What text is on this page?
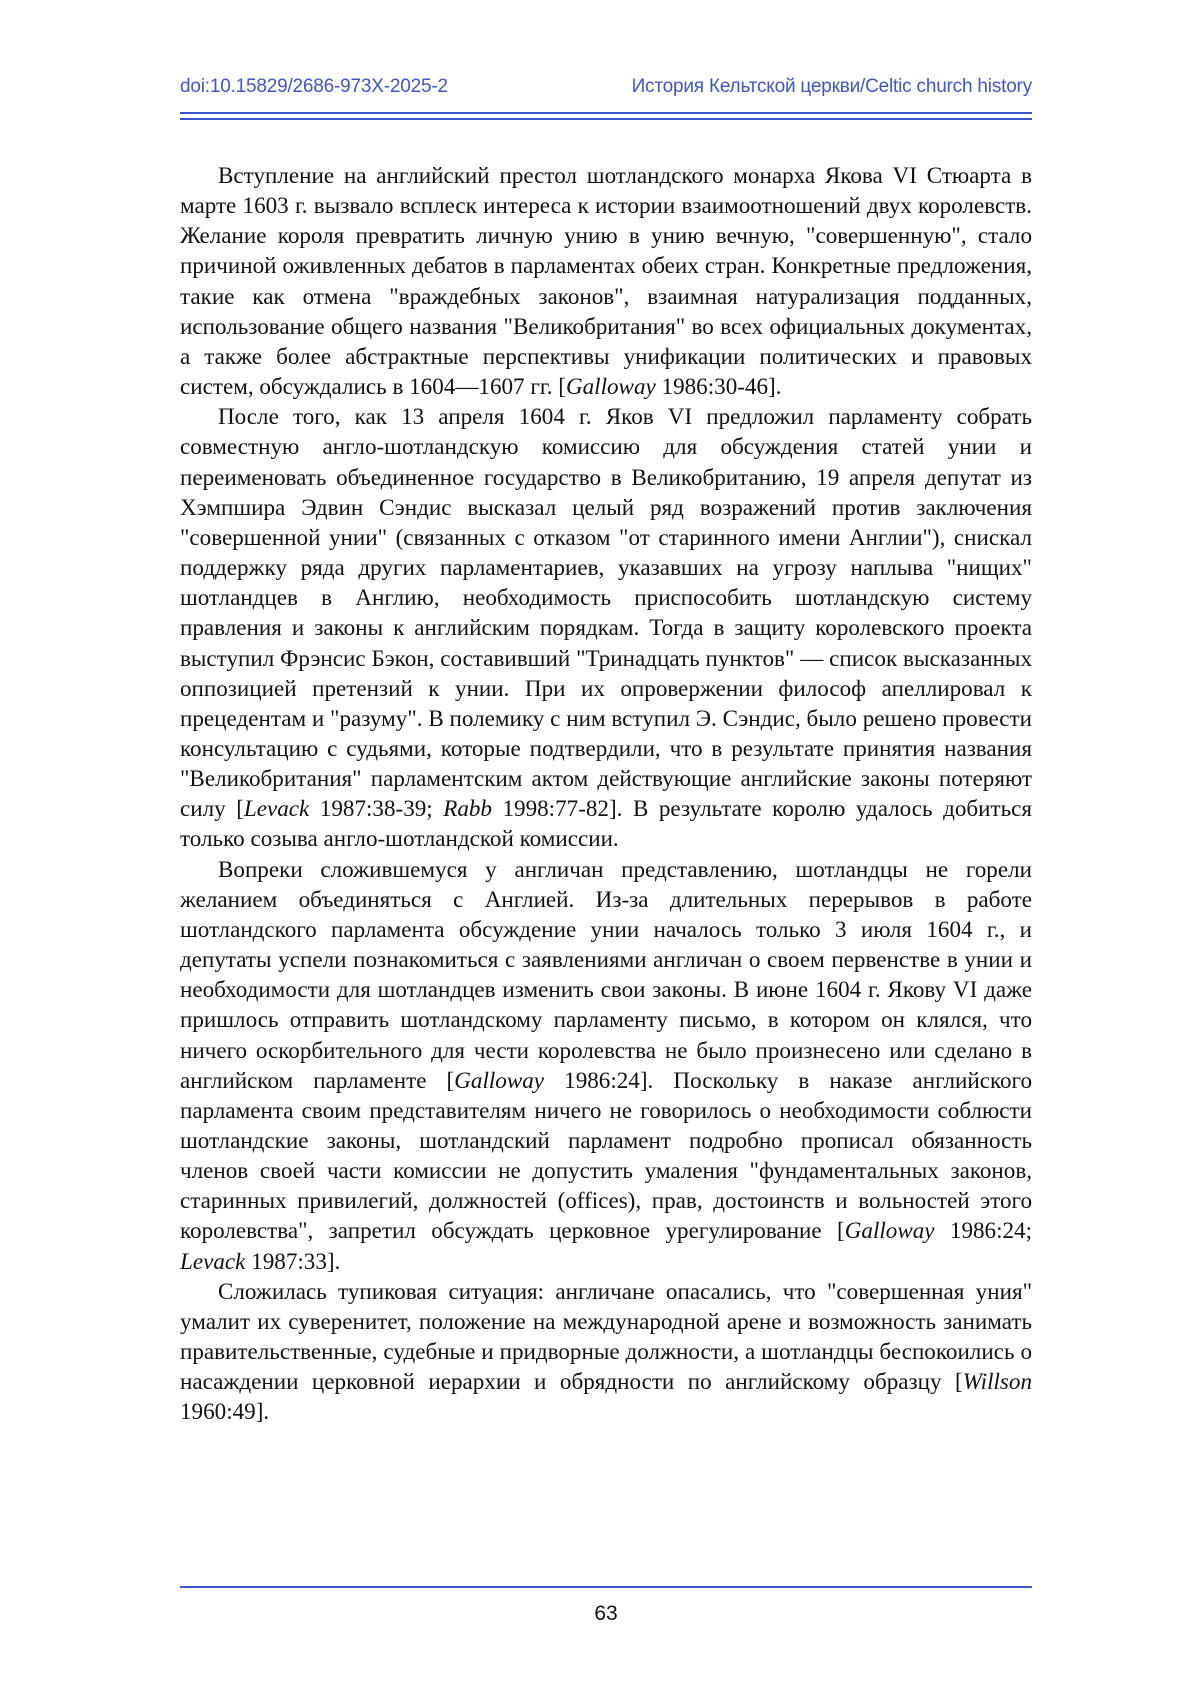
doi:10.15829/2686-973X-2025-2	История Кельтской церкви/Celtic church history

Вступление на английский престол шотландского монарха Якова VI Стюарта в марте 1603 г. вызвало всплеск интереса к истории взаимоотношений двух королевств. Желание короля превратить личную унию в унию вечную, "совершенную", стало причиной оживленных дебатов в парламентах обеих стран. Конкретные предложения, такие как отмена "враждебных законов", взаимная натурализация подданных, использование общего названия "Великобритания" во всех официальных документах, а также более абстрактные перспективы унификации политических и правовых систем, обсуждались в 1604—1607 гг. [Galloway 1986:30-46].

После того, как 13 апреля 1604 г. Яков VI предложил парламенту собрать совместную англо-шотландскую комиссию для обсуждения статей унии и переименовать объединенное государство в Великобританию, 19 апреля депутат из Хэмпшира Эдвин Сэндис высказал целый ряд возражений против заключения "совершенной унии" (связанных с отказом "от старинного имени Англии"), снискал поддержку ряда других парламентариев, указавших на угрозу наплыва "нищих" шотландцев в Англию, необходимость приспособить шотландскую систему правления и законы к английским порядкам. Тогда в защиту королевского проекта выступил Фрэнсис Бэкон, составивший "Тринадцать пунктов" — список высказанных оппозицией претензий к унии. При их опровержении философ апеллировал к прецедентам и "разуму". В полемику с ним вступил Э. Сэндис, было решено провести консультацию с судьями, которые подтвердили, что в результате принятия названия "Великобритания" парламентским актом действующие английские законы потеряют силу [Levack 1987:38-39; Rabb 1998:77-82]. В результате королю удалось добиться только созыва англо-шотландской комиссии.

Вопреки сложившемуся у англичан представлению, шотландцы не горели желанием объединяться с Англией. Из-за длительных перерывов в работе шотландского парламента обсуждение унии началось только 3 июля 1604 г., и депутаты успели познакомиться с заявлениями англичан о своем первенстве в унии и необходимости для шотландцев изменить свои законы. В июне 1604 г. Якову VI даже пришлось отправить шотландскому парламенту письмо, в котором он клялся, что ничего оскорбительного для чести королевства не было произнесено или сделано в английском парламенте [Galloway 1986:24]. Поскольку в наказе английского парламента своим представителям ничего не говорилось о необходимости соблюсти шотландские законы, шотландский парламент подробно прописал обязанность членов своей части комиссии не допустить умаления "фундаментальных законов, старинных привилегий, должностей (offices), прав, достоинств и вольностей этого королевства", запретил обсуждать церковное урегулирование [Galloway 1986:24; Levack 1987:33].

Сложилась тупиковая ситуация: англичане опасались, что "совершенная уния" умалит их суверенитет, положение на международной арене и возможность занимать правительственные, судебные и придворные должности, а шотландцы беспокоились о насаждении церковной иерархии и обрядности по английскому образцу [Willson 1960:49].

63
